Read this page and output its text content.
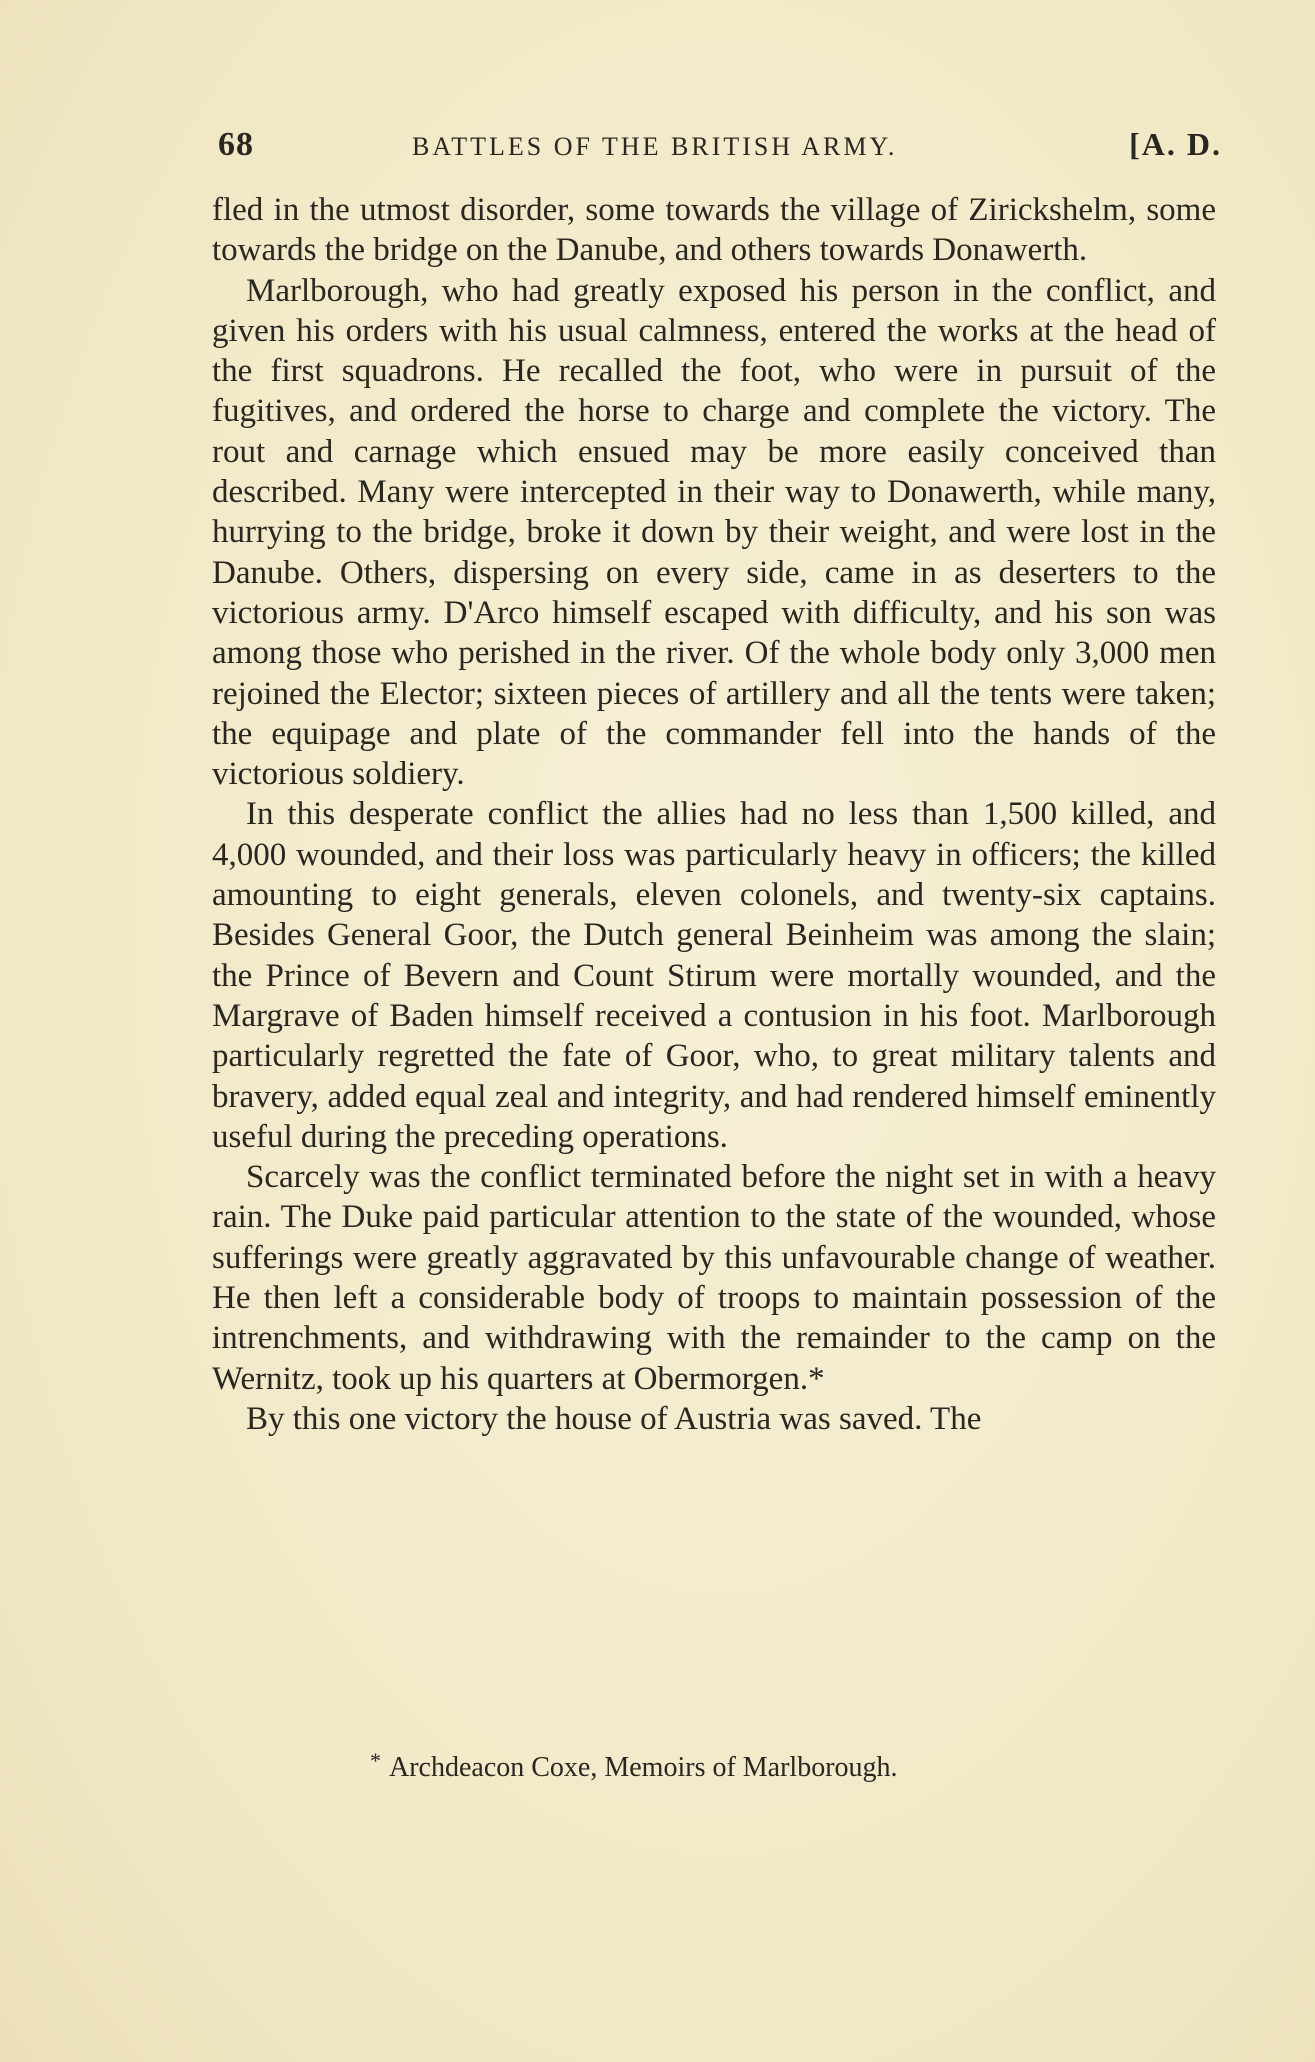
68	BATTLES OF THE BRITISH ARMY.	[A. D.

fled in the utmost disorder, some towards the village of Zirickshelm, some towards the bridge on the Danube, and others towards Donawerth.

Marlborough, who had greatly exposed his person in the conflict, and given his orders with his usual calmness, entered the works at the head of the first squadrons. He recalled the foot, who were in pursuit of the fugitives, and ordered the horse to charge and complete the victory. The rout and carnage which ensued may be more easily conceived than described. Many were intercepted in their way to Donawerth, while many, hurrying to the bridge, broke it down by their weight, and were lost in the Danube. Others, dispersing on every side, came in as deserters to the victorious army. D'Arco himself escaped with difficulty, and his son was among those who perished in the river. Of the whole body only 3,000 men rejoined the Elector; sixteen pieces of artillery and all the tents were taken; the equipage and plate of the commander fell into the hands of the victorious soldiery.

In this desperate conflict the allies had no less than 1,500 killed, and 4,000 wounded, and their loss was particularly heavy in officers; the killed amounting to eight generals, eleven colonels, and twenty-six captains. Besides General Goor, the Dutch general Beinheim was among the slain; the Prince of Bevern and Count Stirum were mortally wounded, and the Margrave of Baden himself received a contusion in his foot. Marlborough particularly regretted the fate of Goor, who, to great military talents and bravery, added equal zeal and integrity, and had rendered himself eminently useful during the preceding operations.

Scarcely was the conflict terminated before the night set in with a heavy rain. The Duke paid particular attention to the state of the wounded, whose sufferings were greatly aggravated by this unfavourable change of weather. He then left a considerable body of troops to maintain possession of the intrenchments, and withdrawing with the remainder to the camp on the Wernitz, took up his quarters at Obermorgen.*

By this one victory the house of Austria was saved. The

* Archdeacon Coxe, Memoirs of Marlborough.
